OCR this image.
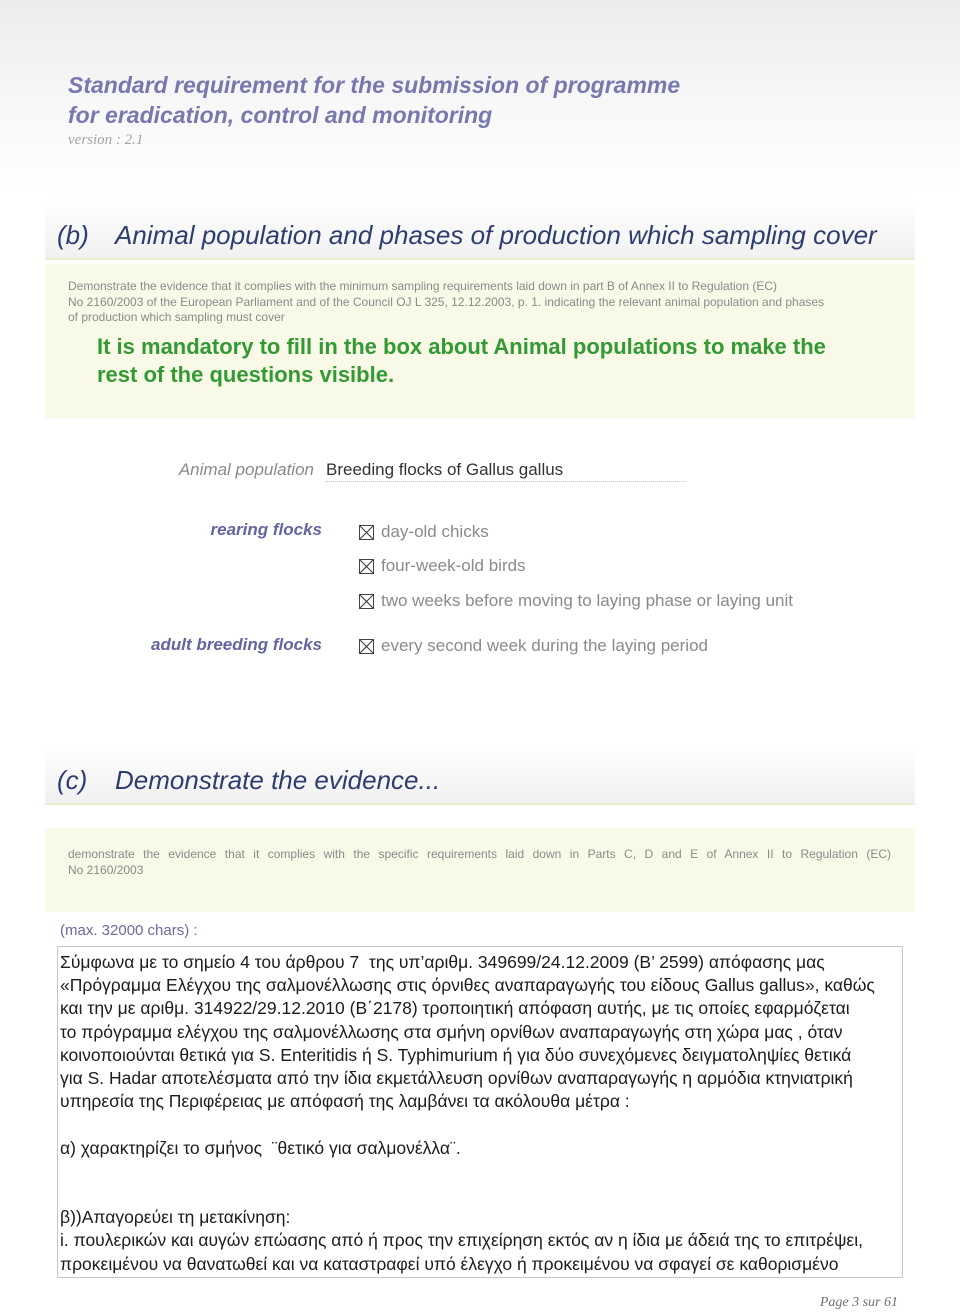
Standard requirement for the submission of programme
for eradication, control and monitoring
version : 2.1
(b) Animal population and phases of production which sampling cover
Demonstrate the evidence that it complies with the minimum sampling requirements laid down in part B of Annex II to Regulation (EC)
No 2160/2003 of the European Parliament and of the Council OJ L 325, 12.12.2003, p. 1. indicating the relevant animal population and phases
of production which sampling must cover
It is mandatory to fill in the box about Animal populations to make the rest of the questions visible.
Animal population Breeding flocks of Gallus gallus
rearing flocks	day-old chicks
four-week-old birds
two weeks before moving to laying phase or laying unit
adult breeding flocks	every second week during the laying period
(c) Demonstrate the evidence...
demonstrate the evidence that it complies with the specific requirements laid down in Parts C, D and E of Annex II to Regulation (EC)
No 2160/2003
(max. 32000 chars) :
Σύμφωνα με το σημείο 4 του άρθρου 7  της υπ’αριθμ. 349699/24.12.2009 (Β’ 2599) απόφασης μας
«Πρόγραμμα Ελέγχου της σαλμονέλλωσης στις όρνιθες αναπαραγωγής του είδους Gallus gallus», καθώς
και την με αριθμ. 314922/29.12.2010 (Β΄2178) τροποιητική απόφαση αυτής, με τις οποίες εφαρμόζεται
το πρόγραμμα ελέγχου της σαλμονέλλωσης στα σμήνη ορνίθων αναπαραγωγής στη χώρα μας , όταν
κοινοποιούνται θετικά για S. Enteritidis ή S. Typhimurium ή για δύο συνεχόμενες δειγματοληψίες θετικά
για S. Hadar αποτελέσματα από την ίδια εκμετάλλευση ορνίθων αναπαραγωγής η αρμόδια κτηνιατρική
υπηρεσία της Περιφέρειας με απόφασή της λαμβάνει τα ακόλουθα μέτρα :
α) χαρακτηρίζει το σμήνος  ¨θετικό για σαλμονέλλα¨.
β))Απαγορεύει τη μετακίνηση:
i. πουλερικών και αυγών επώασης από ή προς την επιχείρηση εκτός αν η ίδια με άδειά της το επιτρέψει,
προκειμένου να θανατωθεί και να καταστραφεί υπό έλεγχο ή προκειμένου να σφαγεί σε καθορισμένο
Page 3 sur 61
